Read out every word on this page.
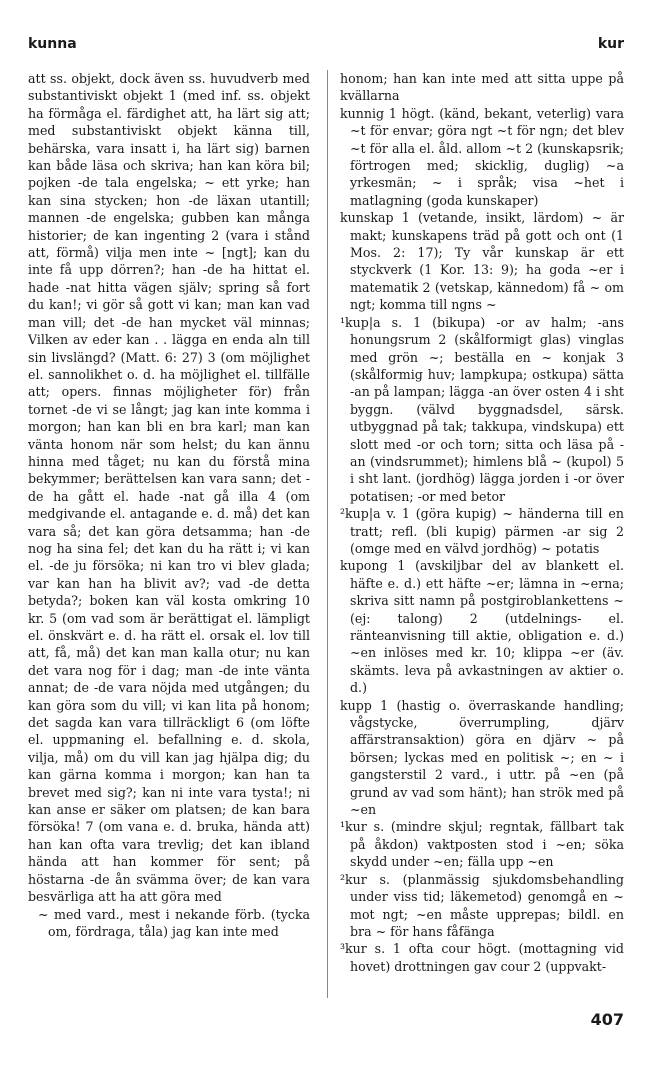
kunna	kur

att ss. objekt, dock även ss. huvudverb med substantiviskt objekt 1 (med inf. ss. objekt ha förmåga el. färdighet att, ha lärt sig att; med substantiviskt objekt känna till, behärska, vara insatt i, ha lärt sig) barnen kan både läsa och skriva; han kan köra bil; pojken -de tala engelska; ~ ett yrke; han kan sina stycken; hon -de läxan utantill; mannen -de engelska; gubben kan många historier; de kan ingenting 2 (vara i stånd att, förmå) vilja men inte ~ [ngt]; kan du inte få upp dörren?; han -de ha hittat el. hade -nat hitta vägen själv; spring så fort du kan!; vi gör så gott vi kan; man kan vad man vill; det -de han mycket väl minnas; Vilken av eder kan . . lägga en enda aln till sin livslängd? (Matt. 6: 27) 3 (om möjlighet el. sannolikhet o. d. ha möjlighet el. tillfälle att; opers. finnas möjligheter för) från tornet -de vi se långt; jag kan inte komma i morgon; han kan bli en bra karl; man kan vänta honom när som helst; du kan ännu hinna med tåget; nu kan du förstå mina bekymmer; berättelsen kan vara sann; det -de ha gått el. hade -nat gå illa 4 (om medgivande el. antagande e. d. må) det kan vara så; det kan göra detsamma; han -de nog ha sina fel; det kan du ha rätt i; vi kan el. -de ju försöka; ni kan tro vi blev glada; var kan han ha blivit av?; vad -de detta betyda?; boken kan väl kosta omkring 10 kr. 5 (om vad som är berättigat el. lämpligt el. önskvärt e. d. ha rätt el. orsak el. lov till att, få, må) det kan man kalla otur; nu kan det vara nog för i dag; man -de inte vänta annat; de -de vara nöjda med utgången; du kan göra som du vill; vi kan lita på honom; det sagda kan vara tillräckligt 6 (om löfte el. uppmaning el. befallning e. d. skola, vilja, må) om du vill kan jag hjälpa dig; du kan gärna komma i morgon; kan han ta brevet med sig?; kan ni inte vara tysta!; ni kan anse er säker om platsen; de kan bara försöka! 7 (om vana e. d. bruka, hända att) han kan ofta vara trevlig; det kan ibland hända att han kommer för sent; på höstarna -de ån svämma över; de kan vara besvärliga att ha att göra med

~ med vard., mest i nekande förb. (tycka om, fördraga, tåla) jag kan inte med

honom; han kan inte med att sitta uppe på kvällarna

kunnig 1 högt. (känd, bekant, veterlig) vara ~t för envar; göra ngt ~t för ngn; det blev ~t för alla el. åld. allom ~t 2 (kunskapsrik; förtrogen med; skicklig, duglig) ~a yrkesmän; ~ i språk; visa ~het i matlagning (goda kunskaper)

kunskap 1 (vetande, insikt, lärdom) ~ är makt; kunskapens träd på gott och ont (1 Mos. 2: 17); Ty vår kunskap är ett styckverk (1 Kor. 13: 9); ha goda ~er i matematik 2 (vetskap, kännedom) få ~ om ngt; komma till ngns ~

¹kup|a s. 1 (bikupa) -or av halm; -ans honungsrum 2 (skålformigt glas) vinglas med grön ~; beställa en ~ konjak 3 (skålformig huv; lampkupa; ostkupa) sätta -an på lampan; lägga -an över osten 4 i sht byggn. (välvd byggnadsdel, särsk. utbyggnad på tak; takkupa, vindskupa) ett slott med -or och torn; sitta och läsa på -an (vindsrummet); himlens blå ~ (kupol) 5 i sht lant. (jordhög) lägga jorden i -or över potatisen; -or med betor

²kup|a v. 1 (göra kupig) ~ händerna till en tratt; refl. (bli kupig) pärmen -ar sig 2 (omge med en välvd jordhög) ~ potatis

kupong 1 (avskiljbar del av blankett el. häfte e. d.) ett häfte ~er; lämna in ~erna; skriva sitt namn på postgiroblankettens ~ (ej: talong) 2 (utdelnings- el. ränteanvisning till aktie, obligation e. d.) ~en inlöses med kr. 10; klippa ~er (äv. skämts. leva på avkastningen av aktier o. d.)

kupp 1 (hastig o. överraskande handling; vågstycke, överrumpling, djärv affärstransaktion) göra en djärv ~ på börsen; lyckas med en politisk ~; en ~ i gangsterstil 2 vard., i uttr. på ~en (på grund av vad som hänt); han strök med på ~en

¹kur s. (mindre skjul; regntak, fällbart tak på åkdon) vaktposten stod i ~en; söka skydd under ~en; fälla upp ~en

²kur s. (planmässig sjukdomsbehandling under viss tid; läkemetod) genomgå en ~ mot ngt; ~en måste upprepas; bildl. en bra ~ för hans fåfänga

³kur s. 1 ofta cour högt. (mottagning vid hovet) drottningen gav cour 2 (uppvakt-

407
